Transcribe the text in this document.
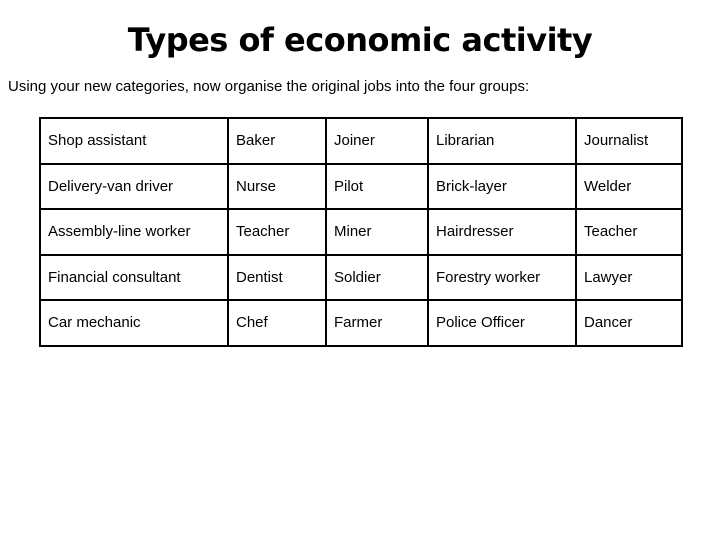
Types of economic activity
Using your new categories, now organise the original jobs into the four groups:
Shop assistant	Baker	Joiner	Librarian	Journalist
Delivery-van driver	Nurse	Pilot	Brick-layer	Welder
Assembly-line worker	Teacher	Miner	Hairdresser	Teacher
Financial consultant	Dentist	Soldier	Forestry worker	Lawyer
Car mechanic	Chef	Farmer	Police Officer	Dancer
